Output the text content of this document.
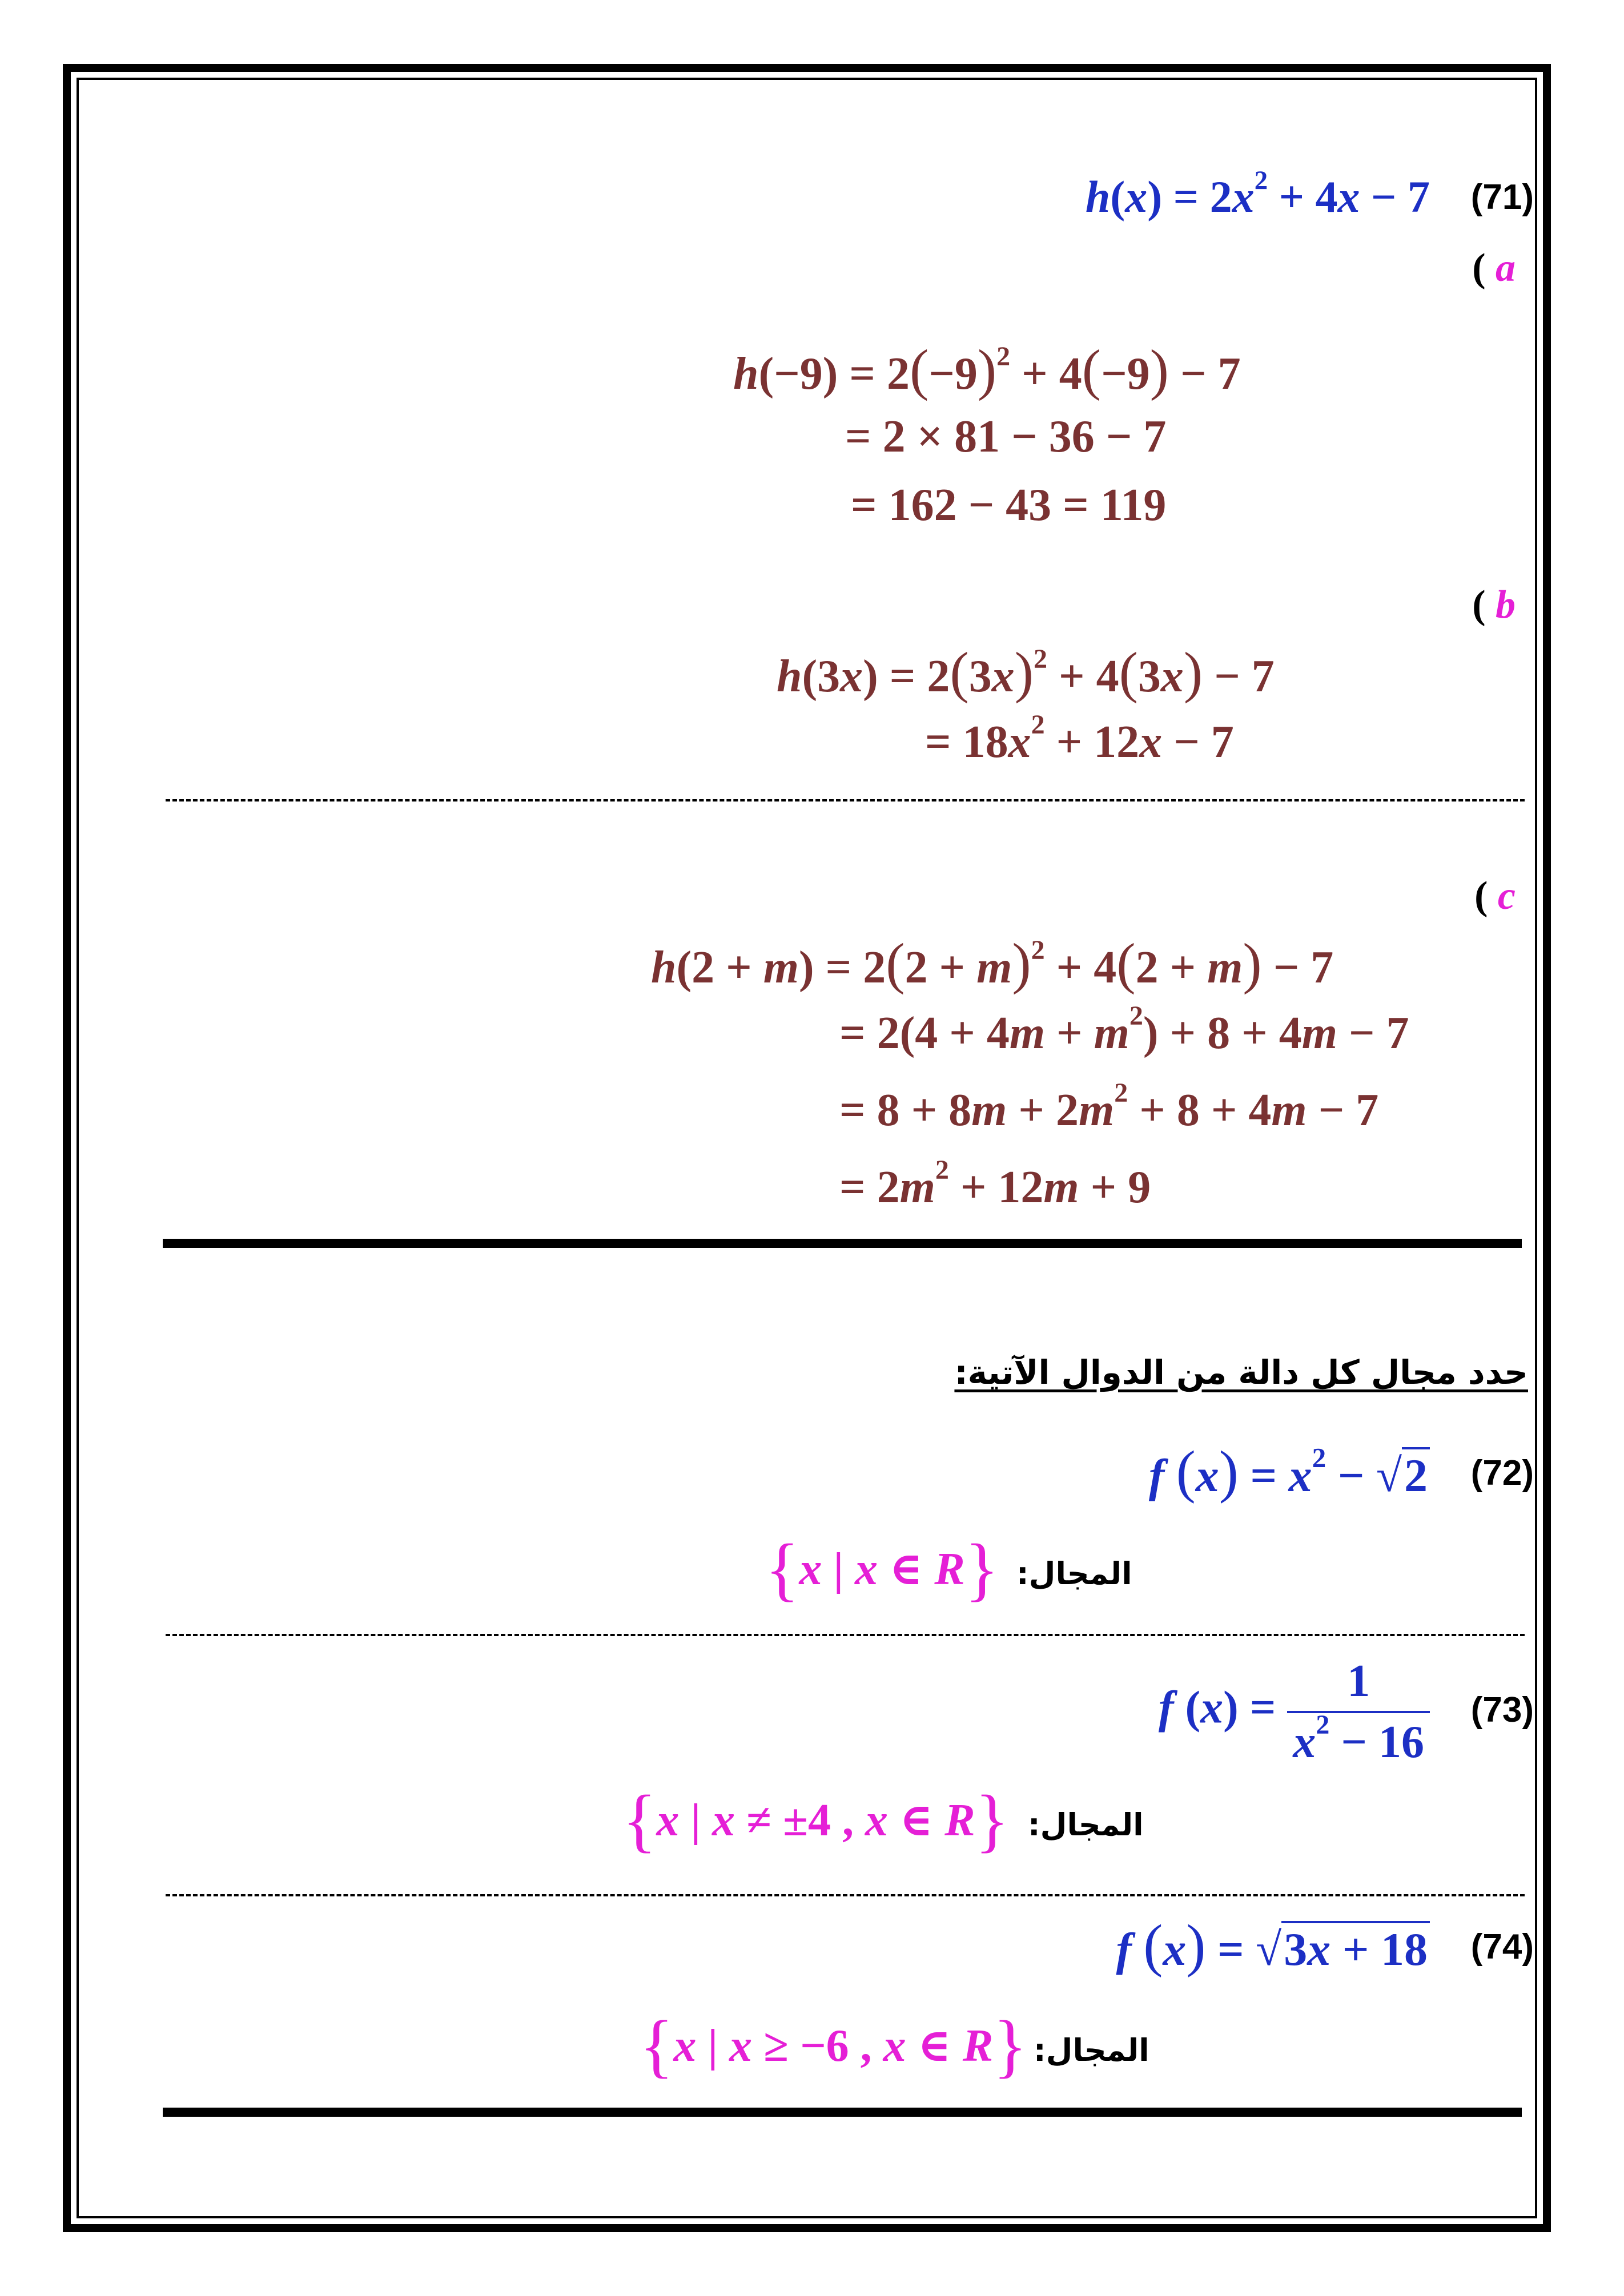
(71)
$h(x) = 2x^2 + 4x - 7$
( a
$h(-9) = 2(-9)^2 + 4(-9) - 7$
= 2 × 81 − 36 − 7
= 162 − 43 = 119
( b
$h(3x) = 2(3x)^2 + 4(3x) - 7$
= $18x^2 + 12x - 7$
( c
$h(2 + m) = 2(2 + m)^2 + 4(2 + m) - 7$
= $2(4 + 4m + m^2) + 8 + 4m - 7$
= $8 + 8m + 2m^2 + 8 + 4m - 7$
= $2m^2 + 12m + 9$
حدد مجال كل دالة من الدوال الآتية:
(72)
f $(x) = x^2 - √2$
المجال:
{x | x ∈ R}
(73)
f $(x) = \frac{1}{x^2 - 16}$
المجال:
{x | x ≠ ±4 , x ∈ R}
(74)
f (x) = √3x + 18
المجال:
{x | x ≥ −6 , x ∈ R}
